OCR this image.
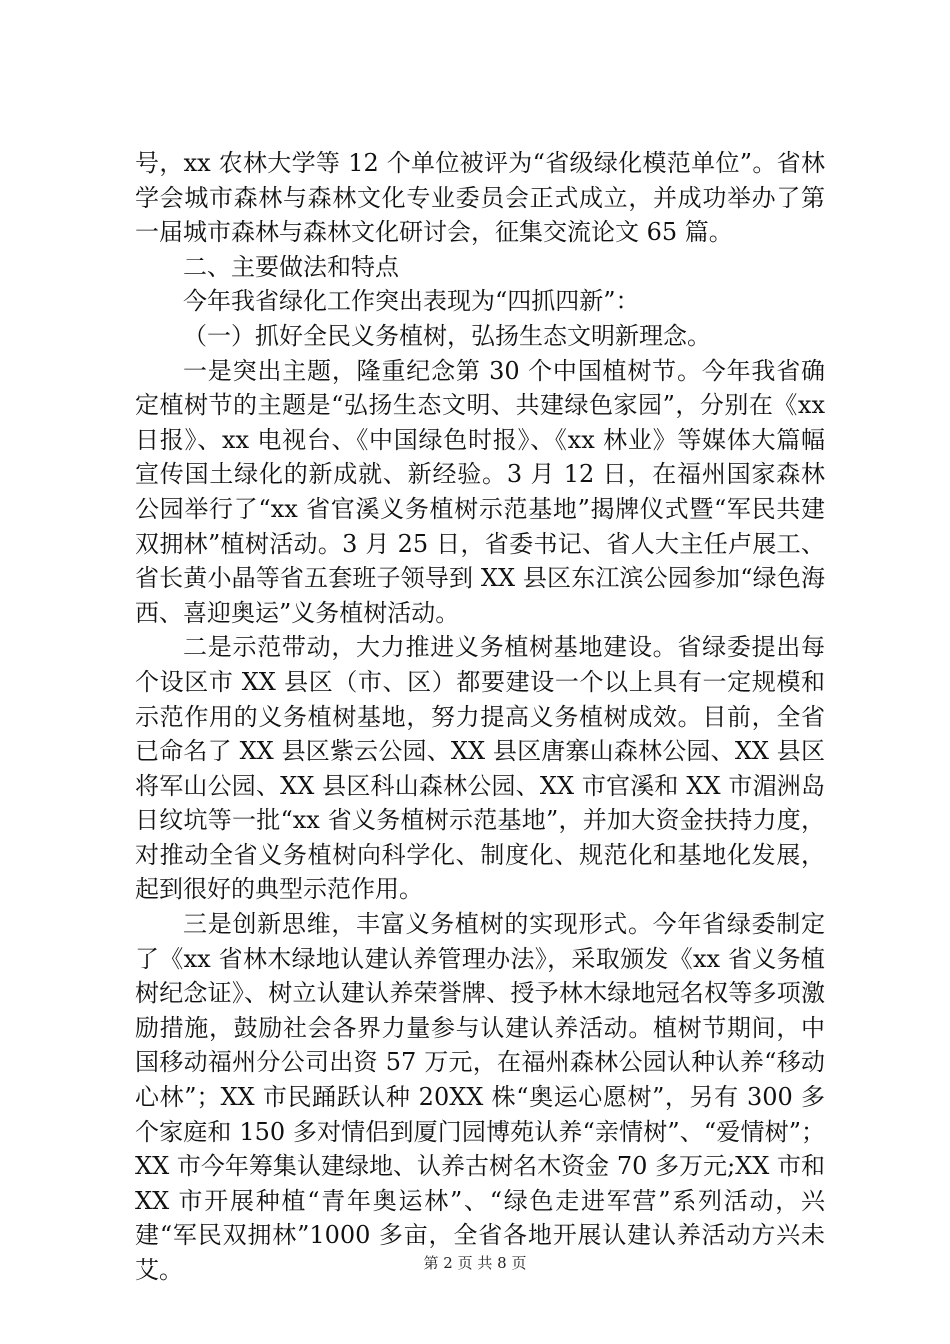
号，xx 农林大学等 12 个单位被评为“省级绿化模范单位”。省林学会城市森林与森林文化专业委员会正式成立，并成功举办了第一届城市森林与森林文化研讨会，征集交流论文 65 篇。

二、主要做法和特点

今年我省绿化工作突出表现为“四抓四新”：

（一）抓好全民义务植树，弘扬生态文明新理念。

一是突出主题，隆重纪念第 30 个中国植树节。今年我省确定植树节的主题是“弘扬生态文明、共建绿色家园”，分别在《xx 日报》、xx 电视台、《中国绿色时报》、《xx 林业》等媒体大篇幅宣传国土绿化的新成就、新经验。3 月 12 日，在福州国家森林公园举行了“xx 省官溪义务植树示范基地”揭牌仪式暨“军民共建双拥林”植树活动。3 月 25 日，省委书记、省人大主任卢展工、省长黄小晶等省五套班子领导到 XX 县区东江滨公园参加“绿色海西、喜迎奥运”义务植树活动。

二是示范带动，大力推进义务植树基地建设。省绿委提出每个设区市 XX 县区（市、区）都要建设一个以上具有一定规模和示范作用的义务植树基地，努力提高义务植树成效。目前，全省已命名了 XX 县区紫云公园、XX 县区唐寨山森林公园、XX 县区将军山公园、XX 县区科山森林公园、XX 市官溪和 XX 市湄洲岛日纹坑等一批“xx 省义务植树示范基地”，并加大资金扶持力度，对推动全省义务植树向科学化、制度化、规范化和基地化发展，起到很好的典型示范作用。

三是创新思维，丰富义务植树的实现形式。今年省绿委制定了《xx 省林木绿地认建认养管理办法》，采取颁发《xx 省义务植树纪念证》、树立认建认养荣誉牌、授予林木绿地冠名权等多项激励措施，鼓励社会各界力量参与认建认养活动。植树节期间，中国移动福州分公司出资 57 万元，在福州森林公园认种认养“移动心林”；XX 市民踊跃认种 20XX 株“奥运心愿树”，另有 300 多个家庭和 150 多对情侣到厦门园博苑认养“亲情树”、“爱情树”；XX 市今年筹集认建绿地、认养古树名木资金 70 多万元;XX 市和 XX 市开展种植“青年奥运林”、“绿色走进军营”系列活动，兴建“军民双拥林”1000 多亩，全省各地开展认建认养活动方兴未艾。	第 2 页 共 8 页
